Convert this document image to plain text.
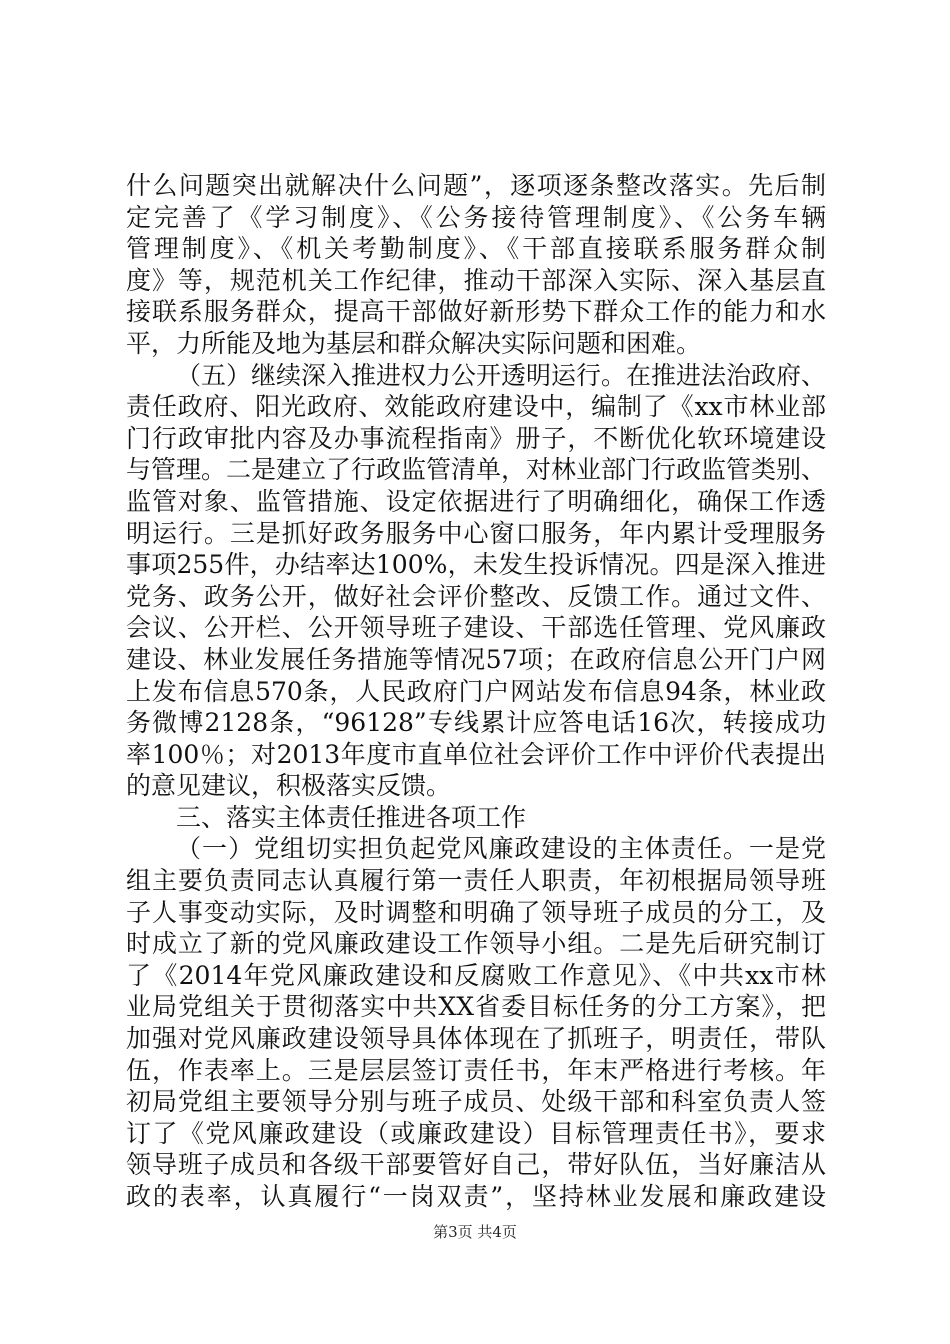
什么问题突出就解决什么问题”，逐项逐条整改落实。先后制
定完善了《学习制度》、《公务接待管理制度》、《公务车辆
管理制度》、《机关考勤制度》、《干部直接联系服务群众制
度》等，规范机关工作纪律，推动干部深入实际、深入基层直
接联系服务群众，提高干部做好新形势下群众工作的能力和水
平，力所能及地为基层和群众解决实际问题和困难。
（五）继续深入推进权力公开透明运行。在推进法治政府、
责任政府、阳光政府、效能政府建设中，编制了《xx市林业部
门行政审批内容及办事流程指南》册子，不断优化软环境建设
与管理。二是建立了行政监管清单，对林业部门行政监管类别、
监管对象、监管措施、设定依据进行了明确细化，确保工作透
明运行。三是抓好政务服务中心窗口服务，年内累计受理服务
事项255件，办结率达100%，未发生投诉情况。四是深入推进
党务、政务公开，做好社会评价整改、反馈工作。通过文件、
会议、公开栏、公开领导班子建设、干部选任管理、党风廉政
建设、林业发展任务措施等情况57项；在政府信息公开门户网
上发布信息570条，人民政府门户网站发布信息94条，林业政
务微博2128条，“96128”专线累计应答电话16次，转接成功
率100％；对2013年度市直单位社会评价工作中评价代表提出
的意见建议，积极落实反馈。
三、落实主体责任推进各项工作
（一）党组切实担负起党风廉政建设的主体责任。一是党
组主要负责同志认真履行第一责任人职责，年初根据局领导班
子人事变动实际，及时调整和明确了领导班子成员的分工，及
时成立了新的党风廉政建设工作领导小组。二是先后研究制订
了《2014年党风廉政建设和反腐败工作意见》、《中共xx市林
业局党组关于贯彻落实中共XX省委目标任务的分工方案》，把
加强对党风廉政建设领导具体体现在了抓班子，明责任，带队
伍，作表率上。三是层层签订责任书，年末严格进行考核。年
初局党组主要领导分别与班子成员、处级干部和科室负责人签
订了《党风廉政建设（或廉政建设）目标管理责任书》，要求
领导班子成员和各级干部要管好自己，带好队伍，当好廉洁从
政的表率，认真履行“一岗双责”，坚持林业发展和廉政建设
第3页 共4页
